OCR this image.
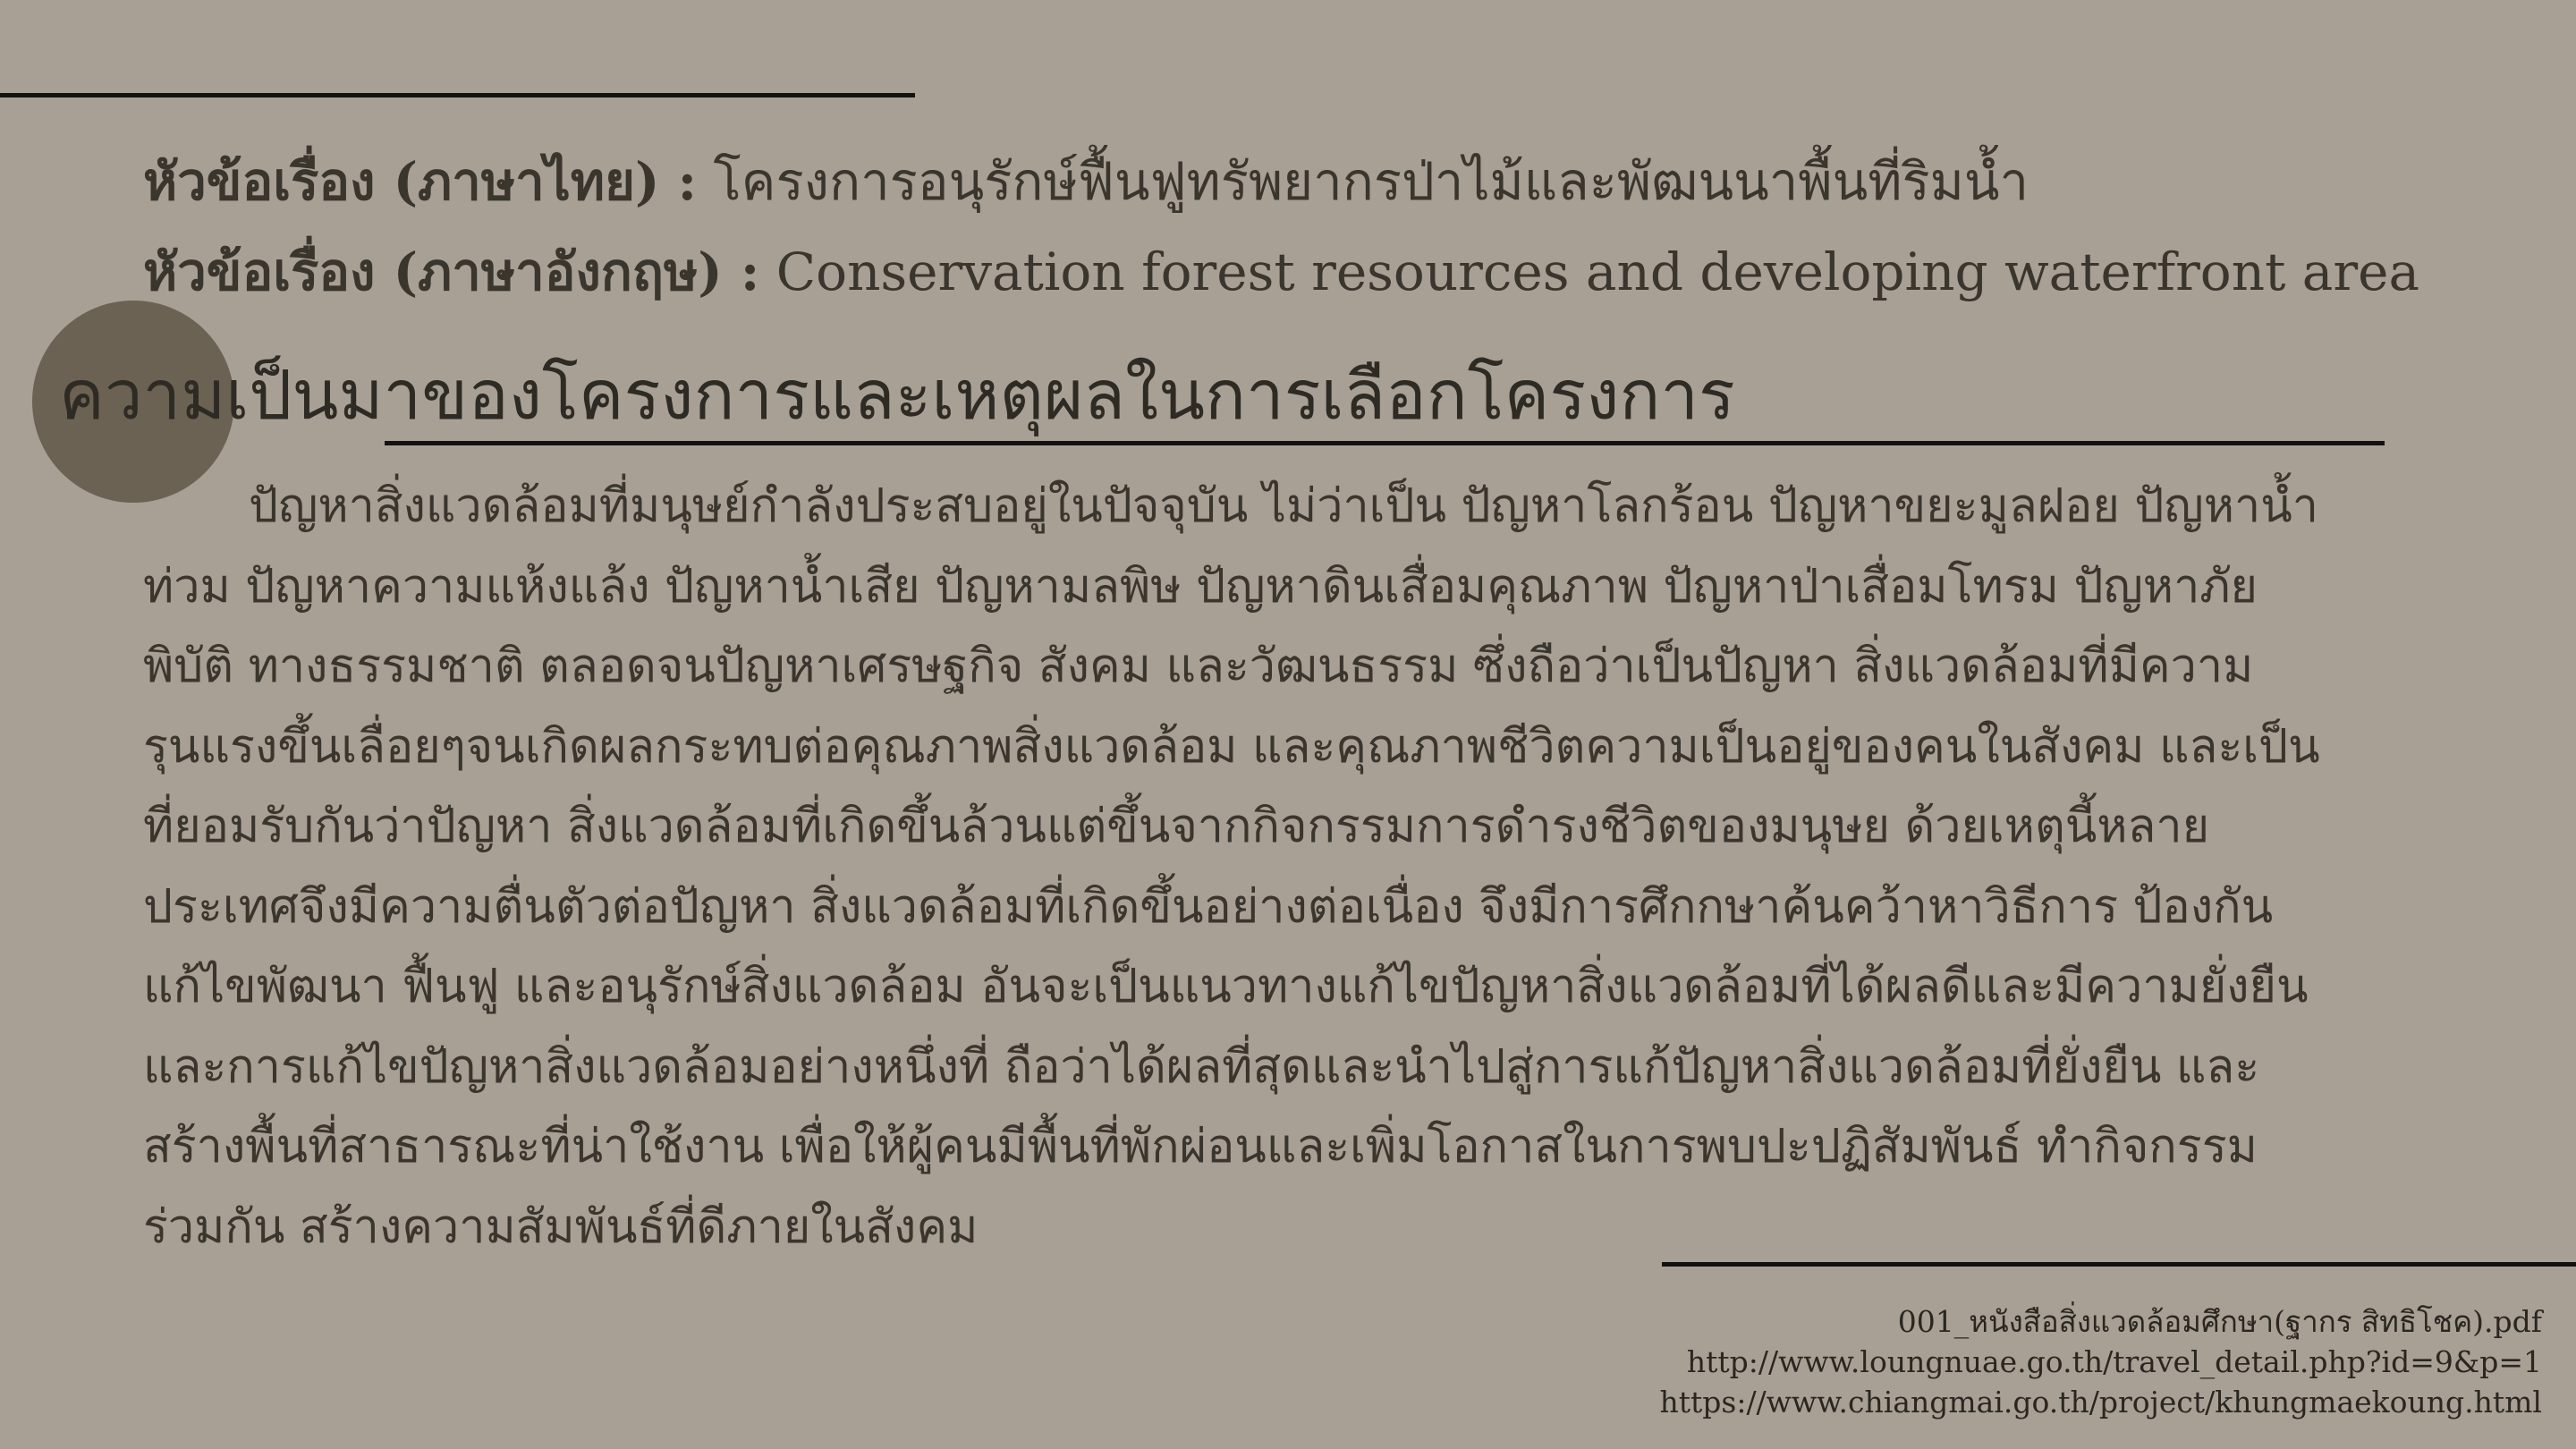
หัวข้อเรื่อง (ภาษาไทย) : โครงการอนุรักษ์ฟื้นฟูทรัพยากรป่าไม้และพัฒนนาพื้นที่ริมน้ำ
หัวข้อเรื่อง (ภาษาอังกฤษ) : Conservation forest resources and developing waterfront area
ความเป็นมาของโครงการและเหตุผลในการเลือกโครงการ
ปัญหาสิ่งแวดล้อมที่มนุษย์กำลังประสบอยู่ในปัจจุบัน ไม่ว่าเป็น ปัญหาโลกร้อน ปัญหาขยะมูลฝอย ปัญหาน้ำ
ท่วม ปัญหาความแห้งแล้ง ปัญหาน้ำเสีย ปัญหามลพิษ ปัญหาดินเสื่อมคุณภาพ ปัญหาป่าเสื่อมโทรม ปัญหาภัย
พิบัติ ทางธรรมชาติ ตลอดจนปัญหาเศรษฐกิจ สังคม และวัฒนธรรม ซึ่งถือว่าเป็นปัญหา สิ่งแวดล้อมที่มีความ
รุนแรงขึ้นเลื่อยๆจนเกิดผลกระทบต่อคุณภาพสิ่งแวดล้อม และคุณภาพชีวิตความเป็นอยู่ของคนในสังคม และเป็น
ที่ยอมรับกันว่าปัญหา สิ่งแวดล้อมที่เกิดขึ้นล้วนแต่ขึ้นจากกิจกรรมการดำรงชีวิตของมนุษย ด้วยเหตุนี้หลาย
ประเทศจึงมีความตื่นตัวต่อปัญหา สิ่งแวดล้อมที่เกิดขึ้นอย่างต่อเนื่อง จึงมีการศึกกษาค้นคว้าหาวิธีการ ป้องกัน
แก้ไขพัฒนา ฟื้นฟู และอนุรักษ์สิ่งแวดล้อม อันจะเป็นแนวทางแก้ไขปัญหาสิ่งแวดล้อมที่ได้ผลดีและมีความยั่งยืน
และการแก้ไขปัญหาสิ่งแวดล้อมอย่างหนึ่งที่ ถือว่าได้ผลที่สุดและนำไปสู่การแก้ปัญหาสิ่งแวดล้อมที่ยั่งยืน และ
สร้างพื้นที่สาธารณะที่น่าใช้งาน เพื่อให้ผู้คนมีพื้นที่พักผ่อนและเพิ่มโอกาสในการพบปะปฏิสัมพันธ์ ทำกิจกรรม
ร่วมกัน สร้างความสัมพันธ์ที่ดีภายในสังคม
001_หนังสือสิ่งแวดล้อมศึกษา(ฐากร สิทธิโชค).pdf
http://www.loungnuae.go.th/travel_detail.php?id=9&p=1
https://www.chiangmai.go.th/project/khungmaekoung.html
